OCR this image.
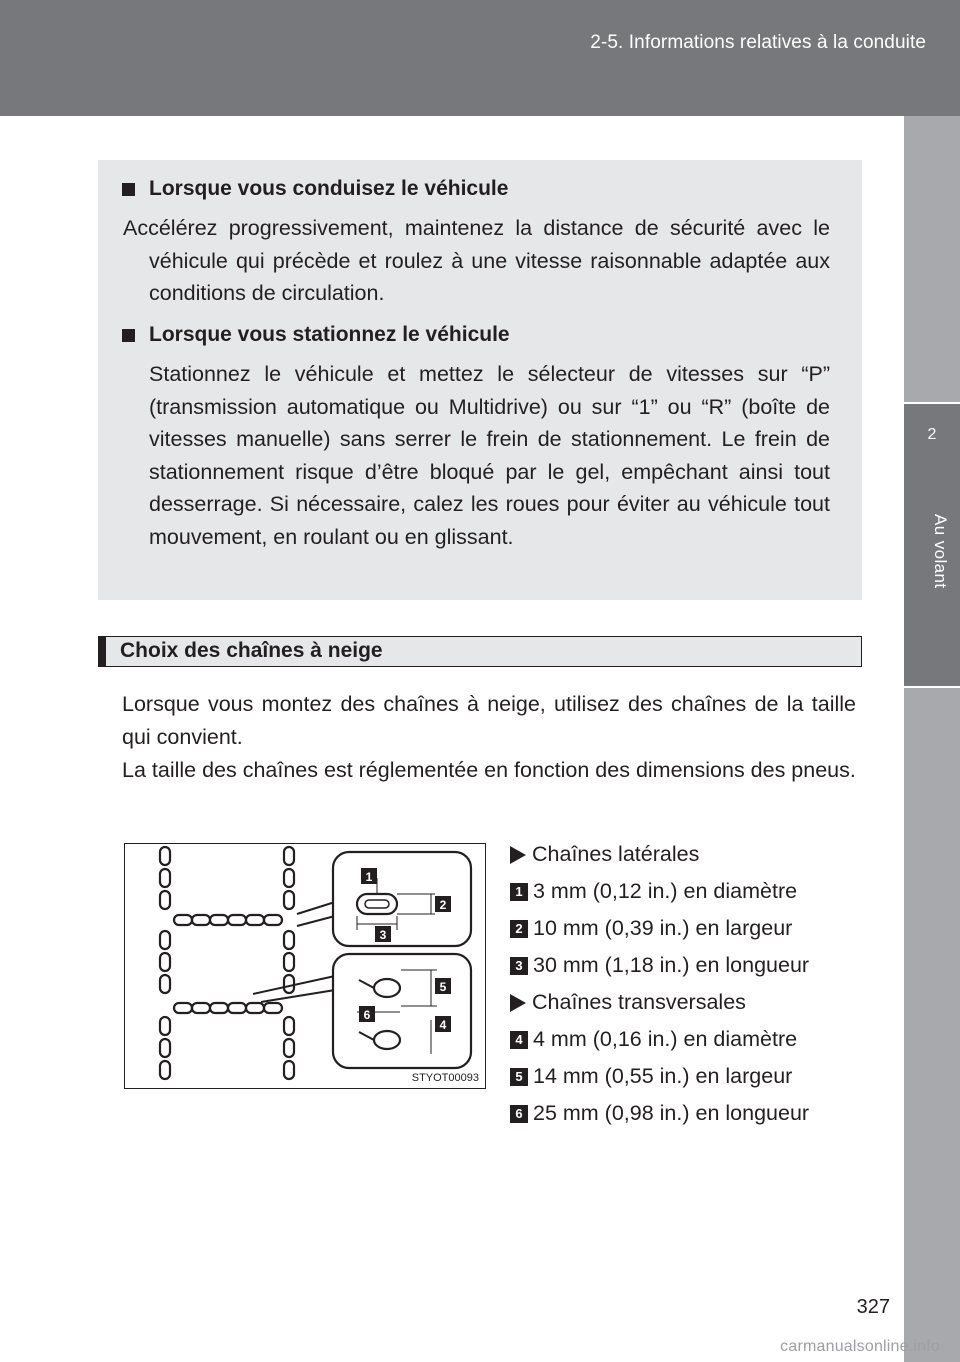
2-5. Informations relatives à la conduite
2
Au volant
Lorsque vous conduisez le véhicule

Accélérez progressivement, maintenez la distance de sécurité avec le véhicule qui précède et roulez à une vitesse raisonnable adaptée aux conditions de circulation.

Lorsque vous stationnez le véhicule

Stationnez le véhicule et mettez le sélecteur de vitesses sur “P” (transmission automatique ou Multidrive) ou sur “1” ou “R” (boîte de vitesses manuelle) sans serrer le frein de stationnement. Le frein de stationnement risque d’être bloqué par le gel, empêchant ainsi tout desserrage. Si nécessaire, calez les roues pour éviter au véhicule tout mouvement, en roulant ou en glissant.

Choix des chaînes à neige

Lorsque vous montez des chaînes à neige, utilisez des chaînes de la taille qui convient.

La taille des chaînes est réglementée en fonction des dimensions des pneus.

1
2
3
5
4
6
STYOT00093
Chaînes latérales
1 3 mm (0,12 in.) en diamètre
2 10 mm (0,39 in.) en largeur
3 30 mm (1,18 in.) en longueur
Chaînes transversales
4 4 mm (0,16 in.) en diamètre
5 14 mm (0,55 in.) en largeur
6 25 mm (0,98 in.) en longueur
327
carmanualsonline.info
